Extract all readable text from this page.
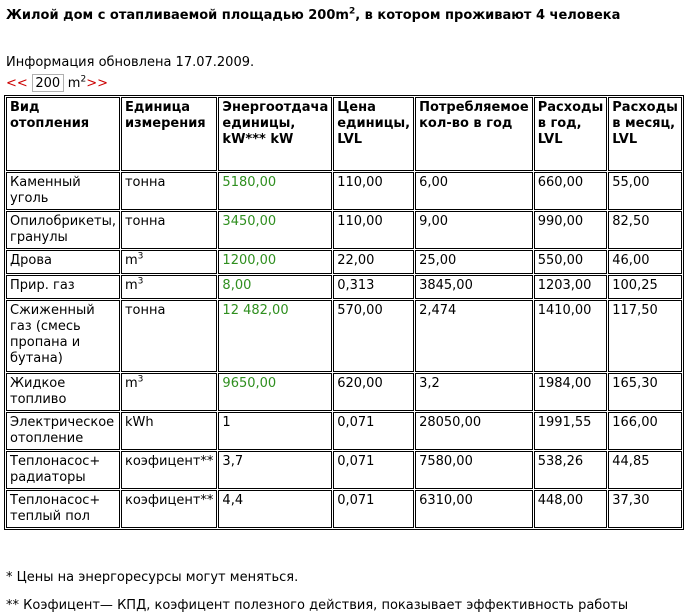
Жилой дом с отапливаемой площадью $200m^2$, в котором проживают 4 человека
Информация обновлена 17.07.2009.
<<
200	$m^2$ >>
Вид отопления	Единица измерения	Энергоотдача единицы, kW*** kW	Цена единицы, LVL	Потребляемое кол-во в год	Расходы в год, LVL	Расходы в месяц, LVL
Каменный уголь	тонна	5180,00	110,00	6,00	660,00	55,00
Опилобрикеты, гранулы	тонна	3450,00	110,00	9,00	990,00	82,50
Дрова	$m^3$	1200,00	22,00	25,00	550,00	46,00
Прир. газ	$m^3$	8,00	0,313	3845,00	1203,00	100,25
Сжиженный газ (смесь пропана и бутана)	тонна	12 482,00	570,00	2,474	1410,00	117,50
Жидкое топливо	$m^3$	9650,00	620,00	3,2	1984,00	165,30
Электрическое отопление	kWh	1	0,071	28050,00	1991,55	166,00
Теплонасос+ радиаторы	коэфицент**	3,7	0,071	7580,00	538,26	44,85
Теплонасос+ теплый пол	коэфицент**	4,4	0,071	6310,00	448,00	37,30
* Цены на энергоресурсы могут меняться.
** Коэфицент— КПД, коэфицент полезного действия, показывает эффективность работы
